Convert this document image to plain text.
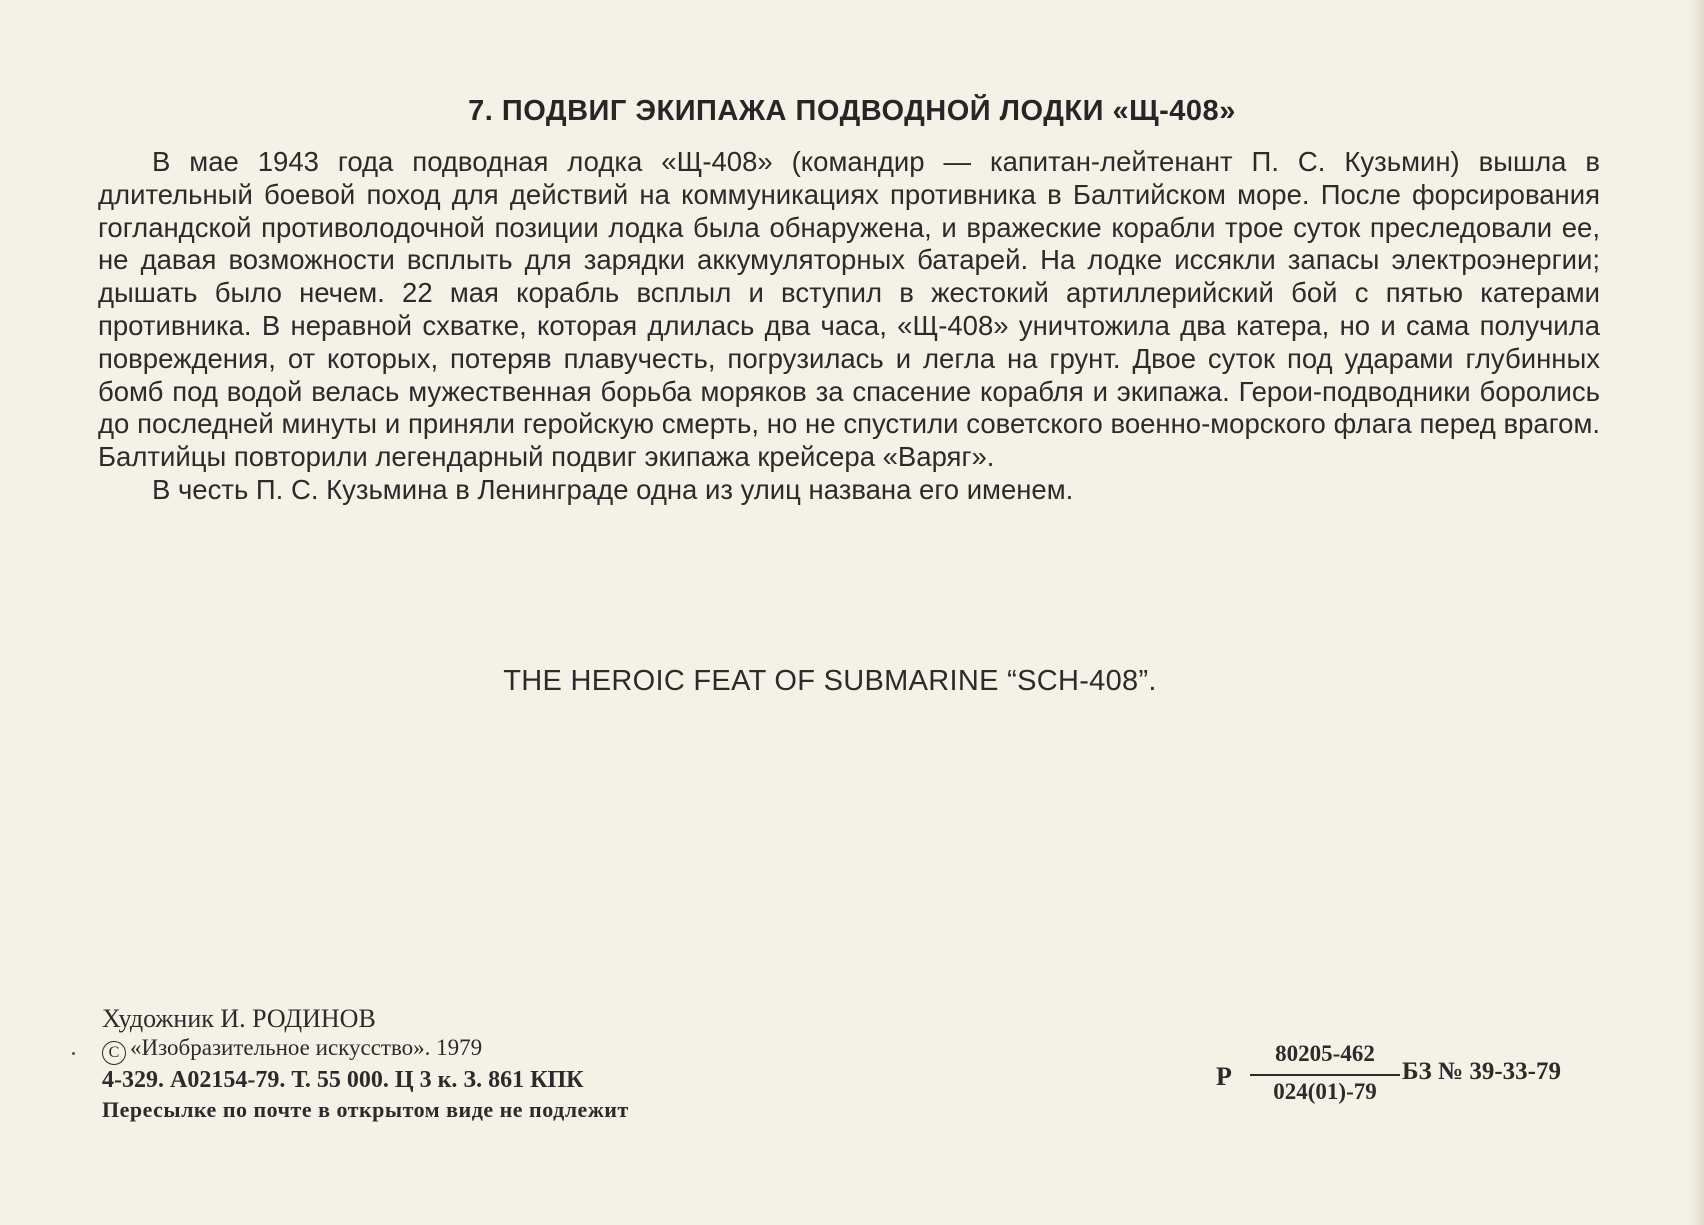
7. ПОДВИГ ЭКИПАЖА ПОДВОДНОЙ ЛОДКИ «Щ-408»

В мае 1943 года подводная лодка «Щ-408» (командир — капитан-лейтенант П. С. Кузьмин) вышла в длительный боевой поход для действий на коммуникациях противника в Балтийском море. После форсирования гогландской противолодочной позиции лодка была обнаружена, и вражеские корабли трое суток преследовали ее, не давая возможности всплыть для зарядки аккумуляторных батарей. На лодке иссякли запасы электроэнергии; дышать было нечем. 22 мая корабль всплыл и вступил в жестокий артиллерийский бой с пятью катерами противника. В неравной схватке, которая длилась два часа, «Щ-408» уничтожила два катера, но и сама получила повреждения, от которых, потеряв плавучесть, погрузилась и легла на грунт. Двое суток под ударами глубинных бомб под водой велась мужественная борьба моряков за спасение корабля и экипажа. Герои-подводники боролись до последней минуты и приняли геройскую смерть, но не спустили советского военно-морского флага перед врагом. Балтийцы повторили легендарный подвиг экипажа крейсера «Варяг».

В честь П. С. Кузьмина в Ленинграде одна из улиц названа его именем.

THE HEROIC FEAT OF SUBMARINE “SCH-408”.
Художник И. РОДИНОВ
C «Изобразительное искусство». 1979
4-329. А02154-79. Т. 55 000. Ц 3 к. З. 861 КПК
Пересылке по почте в открытом виде не подлежит
Р
80205-462
024(01)-79
БЗ № 39-33-79
